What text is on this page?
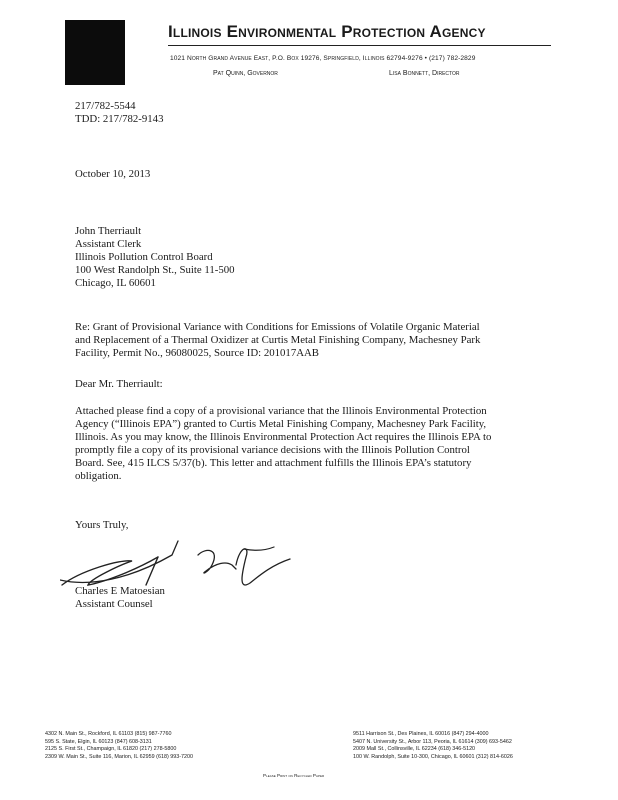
Illinois Environmental Protection Agency
1021 North Grand Avenue East, P.O. Box 19276, Springfield, Illinois 62794-9276 • (217) 782-2829
Pat Quinn, Governor	Lisa Bonnett, Director
217/782-5544
TDD: 217/782-9143
October 10, 2013
John Therriault
Assistant Clerk
Illinois Pollution Control Board
100 West Randolph St., Suite 11-500
Chicago, IL 60601
Re: Grant of Provisional Variance with Conditions for Emissions of Volatile Organic Material
and Replacement of a Thermal Oxidizer at Curtis Metal Finishing Company, Machesney Park
Facility, Permit No., 96080025, Source ID: 201017AAB
Dear Mr. Therriault:
Attached please find a copy of a provisional variance that the Illinois Environmental Protection
Agency (“Illinois EPA”) granted to Curtis Metal Finishing Company, Machesney Park Facility,
Illinois. As you may know, the Illinois Environmental Protection Act requires the Illinois EPA to
promptly file a copy of its provisional variance decisions with the Illinois Pollution Control
Board. See, 415 ILCS 5/37(b). This letter and attachment fulfills the Illinois EPA’s statutory
obligation.
Yours Truly,
Charles E Matoesian
Assistant Counsel
4302 N. Main St., Rockford, IL 61103 (815) 987-7760
595 S. State, Elgin, IL 60123 (847) 608-3131
2125 S. First St., Champaign, IL 61820 (217) 278-5800
2309 W. Main St., Suite 116, Marion, IL 62959 (618) 993-7200
9511 Harrison St., Des Plaines, IL 60016 (847) 294-4000
5407 N. University St., Arbor 113, Peoria, IL 61614 (309) 693-5462
2009 Mall St., Collinsville, IL 62234 (618) 346-5120
100 W. Randolph, Suite 10-300, Chicago, IL 60601 (312) 814-6026
Please Print on Recycled Paper
